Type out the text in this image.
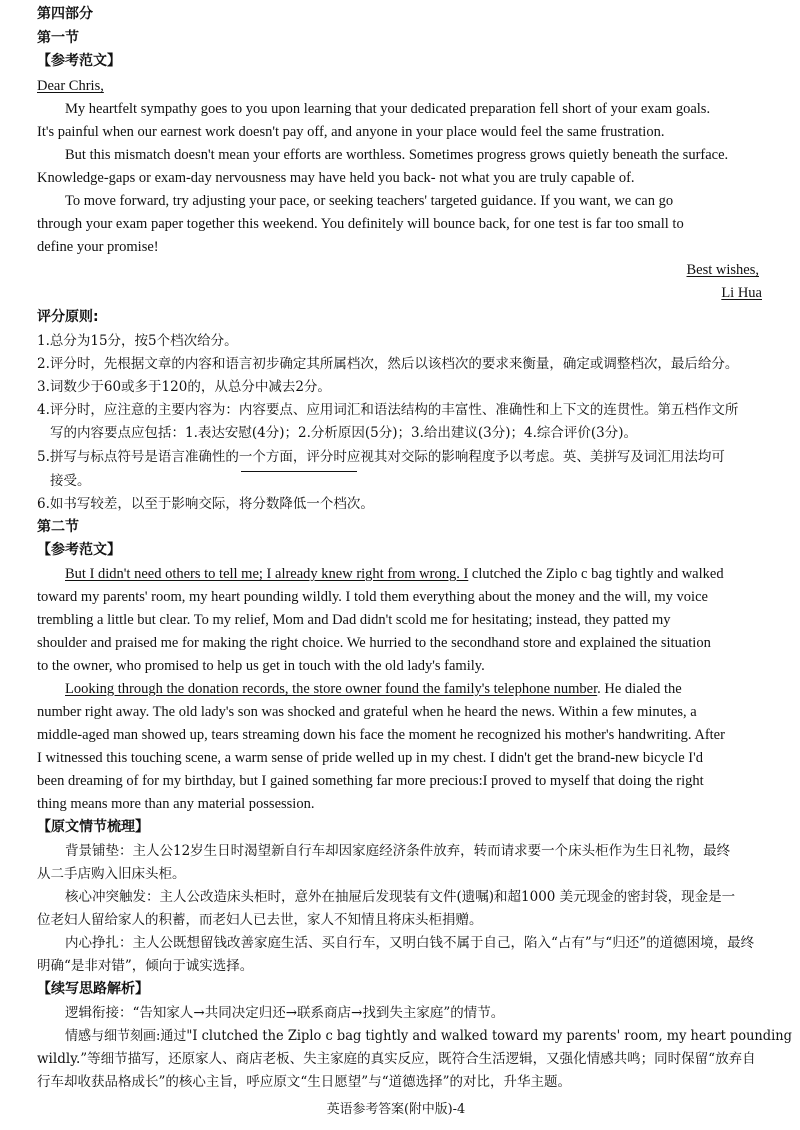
第四部分
第一节
【参考范文】
Dear Chris,
My heartfelt sympathy goes to you upon learning that your dedicated preparation fell short of your exam goals.
It's painful when our earnest work doesn't pay off, and anyone in your place would feel the same frustration.
But this mismatch doesn't mean your efforts are worthless. Sometimes progress grows quietly beneath the surface.
Knowledge-gaps or exam-day nervousness may have held you back- not what you are truly capable of.
To move forward, try adjusting your pace, or seeking teachers' targeted guidance. If you want, we can go
through your exam paper together this weekend. You definitely will bounce back, for one test is far too small to
define your promise!
Best wishes,
Li Hua
评分原则:
1.总分为15分，按5个档次给分。
2.评分时，先根据文章的内容和语言初步确定其所属档次，然后以该档次的要求来衡量，确定或调整档次，最后给分。
3.词数少于60或多于120的，从总分中减去2分。
4.评分时，应注意的主要内容为：内容要点、应用词汇和语法结构的丰富性、准确性和上下文的连贯性。第五档作文所
写的内容要点应包括：1.表达安慰(4分)；2.分析原因(5分)；3.给出建议(3分)；4.综合评价(3分)。
5.拼写与标点符号是语言准确性的一个方面，评分时应视其对交际的影响程度予以考虑。英、美拼写及词汇用法均可
接受。
6.如书写较差，以至于影响交际，将分数降低一个档次。
第二节
【参考范文】
But I didn't need others to tell me; I already knew right from wrong. I clutched the Ziplo c bag tightly and walked
toward my parents' room, my heart pounding wildly. I told them everything about the money and the will, my voice
trembling a little but clear. To my relief, Mom and Dad didn't scold me for hesitating; instead, they patted my
shoulder and praised me for making the right choice. We hurried to the secondhand store and explained the situation
to the owner, who promised to help us get in touch with the old lady's family.
Looking through the donation records, the store owner found the family's telephone number. He dialed the
number right away. The old lady's son was shocked and grateful when he heard the news. Within a few minutes, a
middle-aged man showed up, tears streaming down his face the moment he recognized his mother's handwriting. After
I witnessed this touching scene, a warm sense of pride welled up in my chest. I didn't get the brand-new bicycle I'd
been dreaming of for my birthday, but I gained something far more precious:I proved to myself that doing the right
thing means more than any material possession.
【原文情节梳理】
背景铺垫：主人公12岁生日时渴望新自行车却因家庭经济条件放弃，转而请求要一个床头柜作为生日礼物，最终
从二手店购入旧床头柜。
核心冲突触发：主人公改造床头柜时，意外在抽屉后发现装有文件(遗嘱)和超1000 美元现金的密封袋，现金是一
位老妇人留给家人的积蓄，而老妇人已去世，家人不知情且将床头柜捐赠。
内心挣扎：主人公既想留钱改善家庭生活、买自行车，又明白钱不属于自己，陷入“占有”与“归还”的道德困境，最终
明确“是非对错”，倾向于诚实选择。
【续写思路解析】
逻辑衔接：“告知家人→共同决定归还→联系商店→找到失主家庭”的情节。
情感与细节刻画:通过"I clutched the Ziplo c bag tightly and walked toward my parents' room, my heart pounding
wildly.”等细节描写，还原家人、商店老板、失主家庭的真实反应，既符合生活逻辑，又强化情感共鸣；同时保留“放弃自
行车却收获品格成长”的核心主旨，呼应原文“生日愿望”与“道德选择”的对比，升华主题。
英语参考答案(附中版)-4
